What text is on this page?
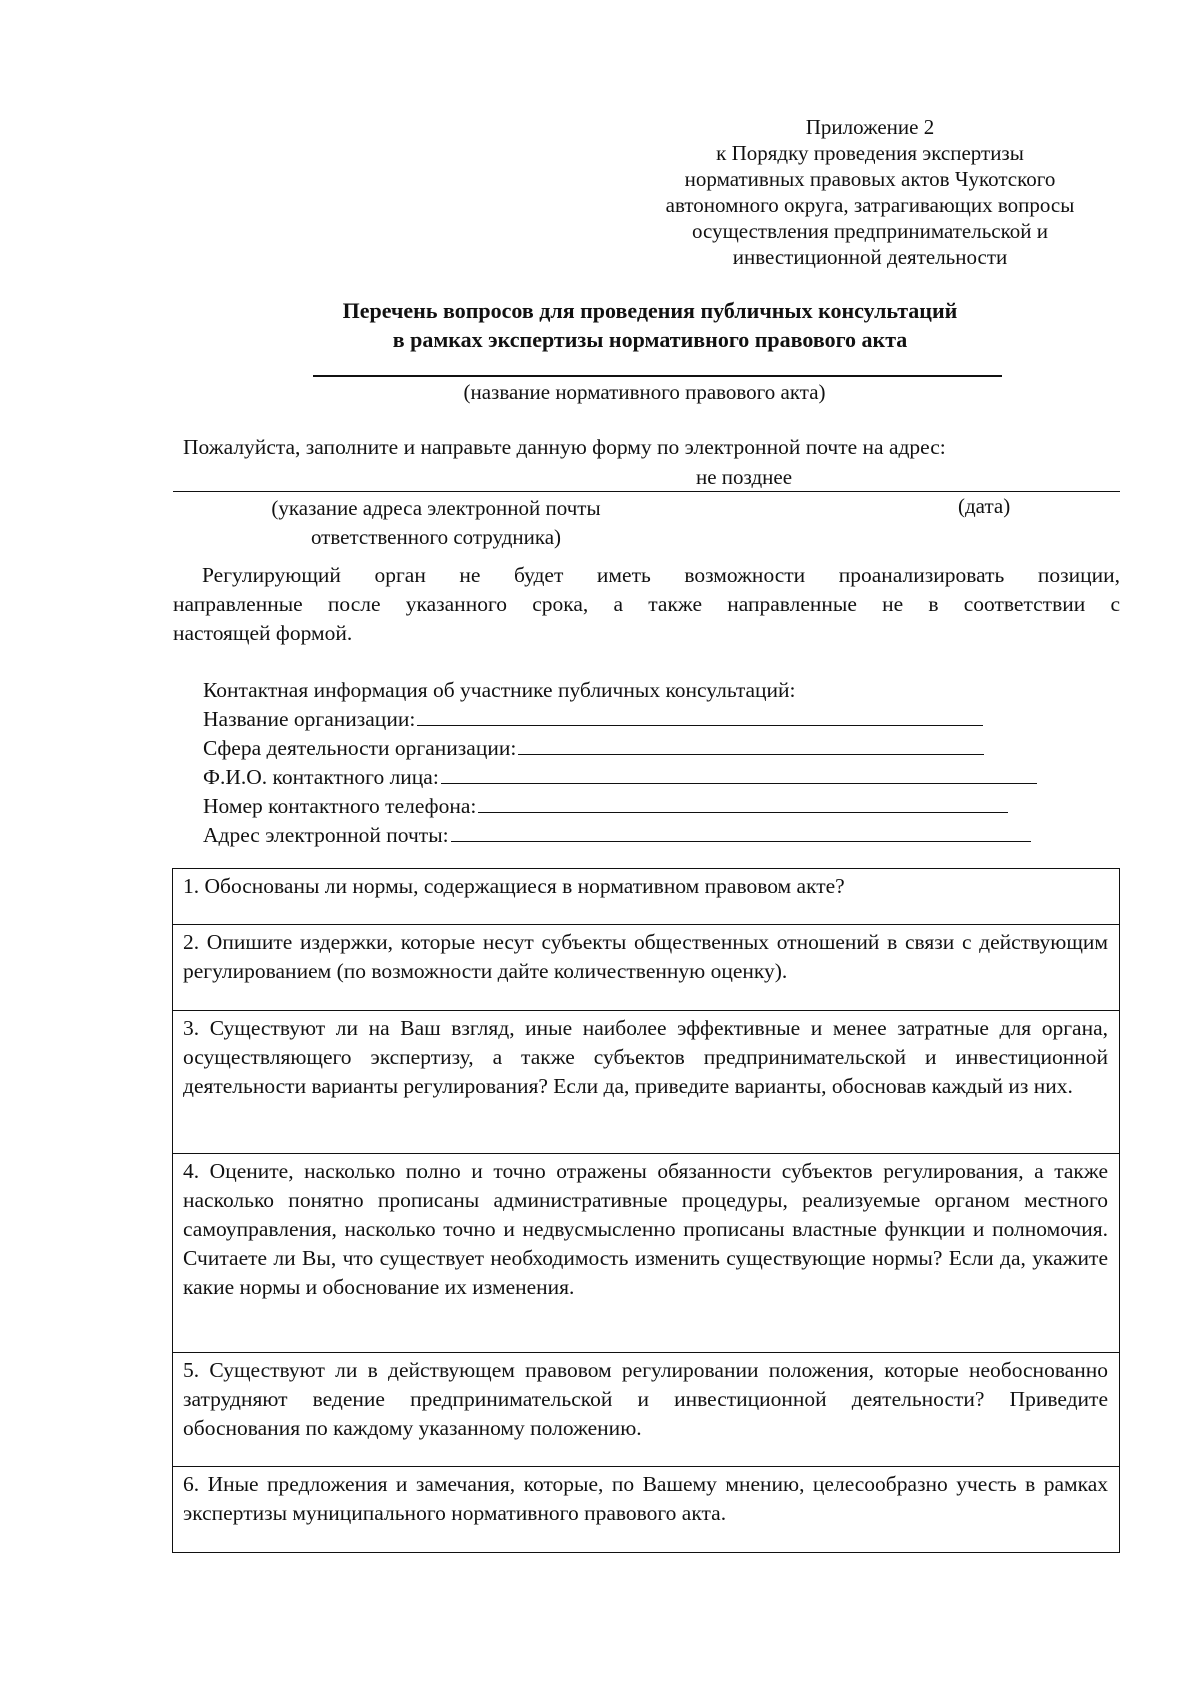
Приложение 2
к Порядку проведения экспертизы
нормативных правовых актов Чукотского
автономного округа, затрагивающих вопросы
осуществления предпринимательской и
инвестиционной деятельности
Перечень вопросов для проведения публичных консультаций
в рамках экспертизы нормативного правового акта
(название нормативного правового акта)
Пожалуйста, заполните и направьте данную форму по электронной почте на адрес:
не позднее
(указание адреса электронной почты
ответственного сотрудника)
(дата)

Регулирующий орган не будет иметь возможности проанализировать позиции,

направленные после указанного срока, а также направленные не в соответствии с

настоящей формой.

Контактная информация об участнике публичных консультаций:
Название организации:
Сфера деятельности организации:
Ф.И.О. контактного лица:
Номер контактного телефона:
Адрес электронной почты:
1. Обоснованы ли нормы, содержащиеся в нормативном правовом акте?
2. Опишите издержки, которые несут субъекты общественных отношений в связи с действующим регулированием (по возможности дайте количественную оценку).
3. Существуют ли на Ваш взгляд, иные наиболее эффективные и менее затратные для органа, осуществляющего экспертизу, а также субъектов предпринимательской и инвестиционной деятельности варианты регулирования? Если да, приведите варианты, обосновав каждый из них.
4. Оцените, насколько полно и точно отражены обязанности субъектов регулирования, а также насколько понятно прописаны административные процедуры, реализуемые органом местного самоуправления, насколько точно и недвусмысленно прописаны властные функции и полномочия. Считаете ли Вы, что существует необходимость изменить существующие нормы? Если да, укажите какие нормы и обоснование их изменения.
5. Существуют ли в действующем правовом регулировании положения, которые необоснованно затрудняют ведение предпринимательской и инвестиционной деятельности? Приведите обоснования по каждому указанному положению.
6. Иные предложения и замечания, которые, по Вашему мнению, целесообразно учесть в рамках экспертизы муниципального нормативного правового акта.
